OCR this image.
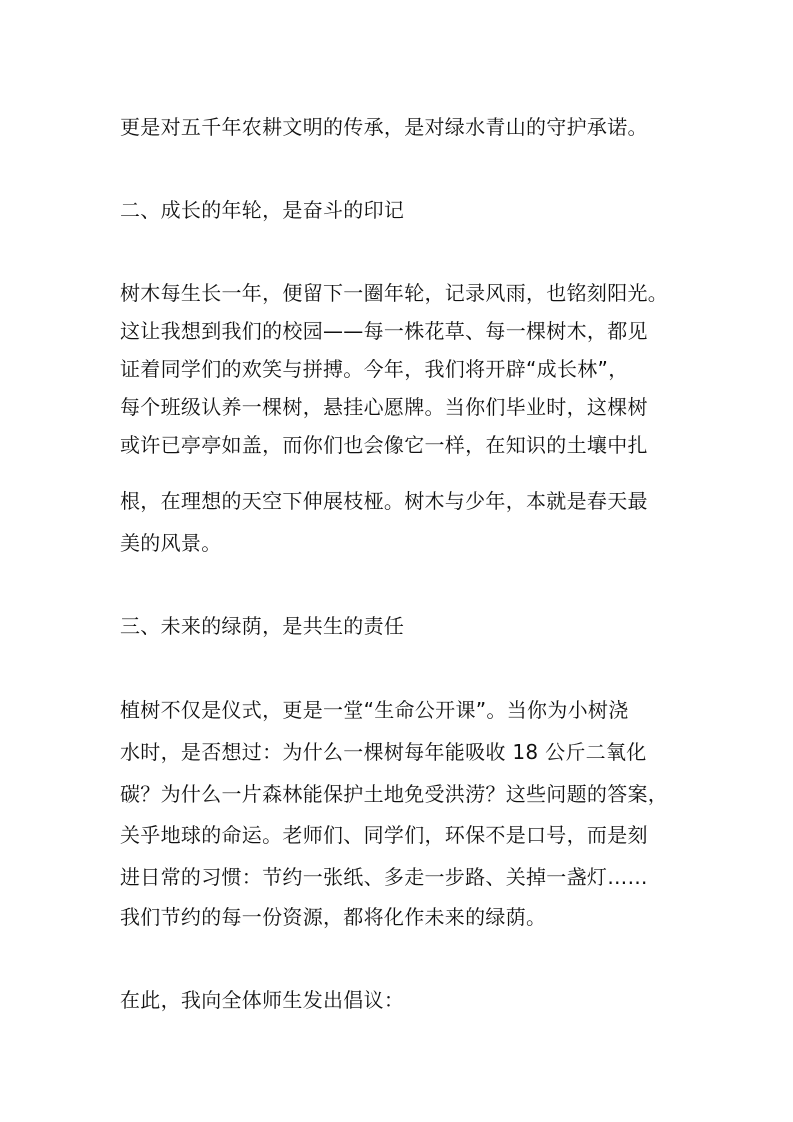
更是对五千年农耕文明的传承，是对绿水青山的守护承诺。
二、成长的年轮，是奋斗的印记
树木每生长一年，便留下一圈年轮，记录风雨，也铭刻阳光。
这让我想到我们的校园——每一株花草、每一棵树木，都见
证着同学们的欢笑与拼搏。今年，我们将开辟“成长林”，
每个班级认养一棵树，悬挂心愿牌。当你们毕业时，这棵树
或许已亭亭如盖，而你们也会像它一样，在知识的土壤中扎
根，在理想的天空下伸展枝桠。树木与少年，本就是春天最
美的风景。
三、未来的绿荫，是共生的责任
植树不仅是仪式，更是一堂“生命公开课”。当你为小树浇
水时，是否想过：为什么一棵树每年能吸收 18 公斤二氧化
碳？为什么一片森林能保护土地免受洪涝？这些问题的答案，
关乎地球的命运。老师们、同学们，环保不是口号，而是刻
进日常的习惯：节约一张纸、多走一步路、关掉一盏灯……
我们节约的每一份资源，都将化作未来的绿荫。
在此，我向全体师生发出倡议：
